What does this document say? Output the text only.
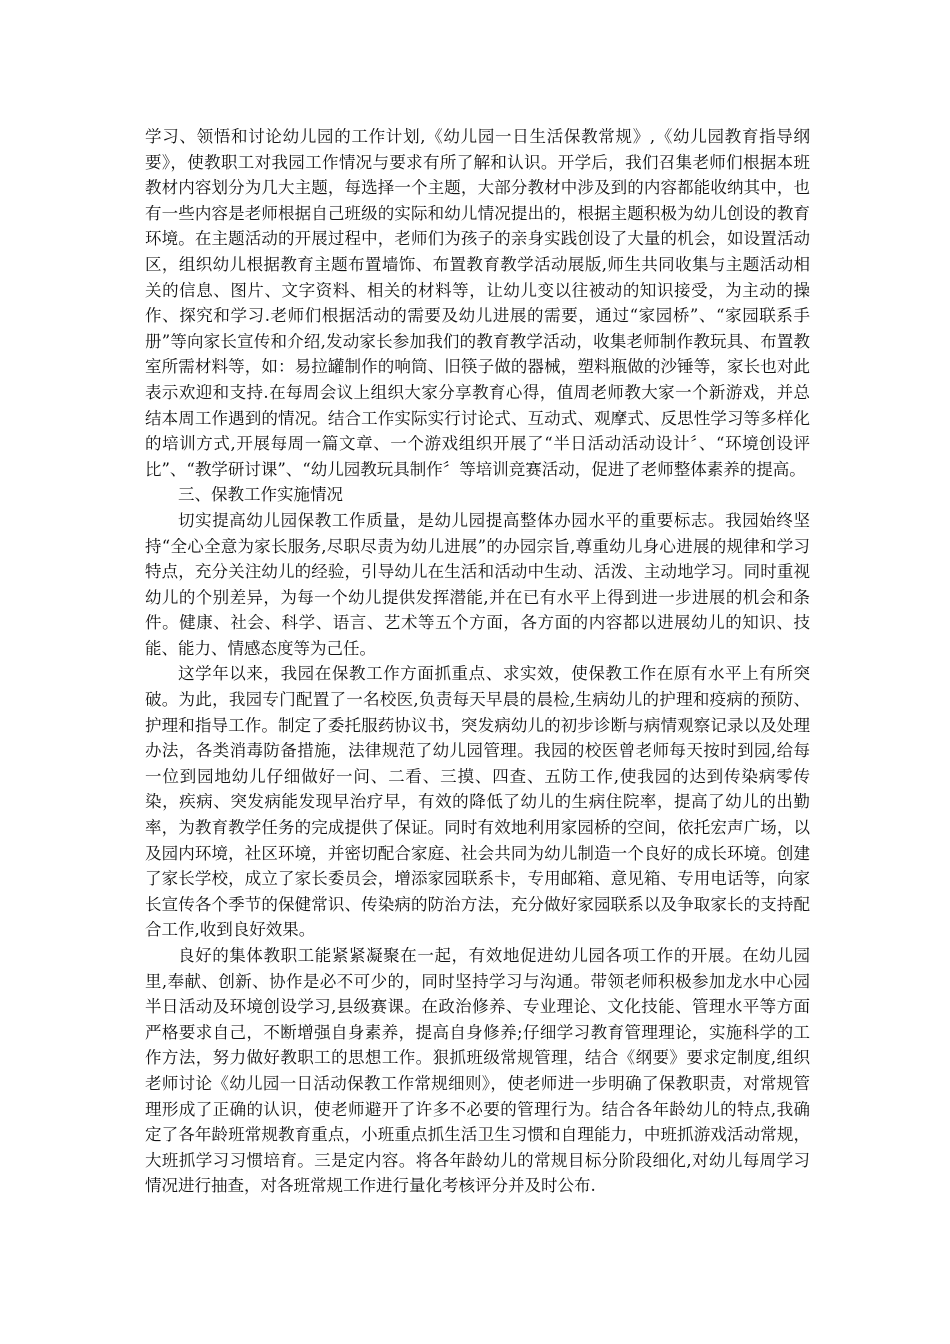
学习、领悟和讨论幼儿园的工作计划,《幼儿园一日生活保教常规》,《幼儿园教育指导纲要》，使教职工对我园工作情况与要求有所了解和认识。开学后，我们召集老师们根据本班教材内容划分为几大主题，每选择一个主题，大部分教材中涉及到的内容都能收纳其中，也有一些内容是老师根据自己班级的实际和幼儿情况提出的，根据主题积极为幼儿创设的教育环境。在主题活动的开展过程中，老师们为孩子的亲身实践创设了大量的机会，如设置活动区，组织幼儿根据教育主题布置墙饰、布置教育教学活动展版,师生共同收集与主题活动相关的信息、图片、文字资料、相关的材料等，让幼儿变以往被动的知识接受，为主动的操作、探究和学习.老师们根据活动的需要及幼儿进展的需要，通过“家园桥”、“家园联系手册”等向家长宣传和介绍,发动家长参加我们的教育教学活动，收集老师制作教玩具、布置教室所需材料等，如：易拉罐制作的响筒、旧筷子做的器械，塑料瓶做的沙锤等，家长也对此表示欢迎和支持.在每周会议上组织大家分享教育心得，值周老师教大家一个新游戏，并总结本周工作遇到的情况。结合工作实际实行讨论式、互动式、观摩式、反思性学习等多样化的培训方式,开展每周一篇文章、一个游戏组织开展了“半日活动活动设计〞、“环境创设评比”、“教学研讨课”、“幼儿园教玩具制作〞等培训竞赛活动，促进了老师整体素养的提高。

三、保教工作实施情况

切实提高幼儿园保教工作质量，是幼儿园提高整体办园水平的重要标志。我园始终坚持“全心全意为家长服务,尽职尽责为幼儿进展”的办园宗旨,尊重幼儿身心进展的规律和学习特点，充分关注幼儿的经验，引导幼儿在生活和活动中生动、活泼、主动地学习。同时重视幼儿的个别差异，为每一个幼儿提供发挥潜能,并在已有水平上得到进一步进展的机会和条件。健康、社会、科学、语言、艺术等五个方面，各方面的内容都以进展幼儿的知识、技能、能力、情感态度等为己任。

这学年以来，我园在保教工作方面抓重点、求实效，使保教工作在原有水平上有所突破。为此，我园专门配置了一名校医,负责每天早晨的晨检,生病幼儿的护理和疫病的预防、护理和指导工作。制定了委托服药协议书，突发病幼儿的初步诊断与病情观察记录以及处理办法，各类消毒防备措施，法律规范了幼儿园管理。我园的校医曾老师每天按时到园,给每一位到园地幼儿仔细做好一问、二看、三摸、四查、五防工作,使我园的达到传染病零传染，疾病、突发病能发现早治疗早，有效的降低了幼儿的生病住院率，提高了幼儿的出勤率，为教育教学任务的完成提供了保证。同时有效地利用家园桥的空间，依托宏声广场，以及园内环境，社区环境，并密切配合家庭、社会共同为幼儿制造一个良好的成长环境。创建了家长学校，成立了家长委员会，增添家园联系卡，专用邮箱、意见箱、专用电话等，向家长宣传各个季节的保健常识、传染病的防治方法，充分做好家园联系以及争取家长的支持配合工作,收到良好效果。

良好的集体教职工能紧紧凝聚在一起，有效地促进幼儿园各项工作的开展。在幼儿园里,奉献、创新、协作是必不可少的，同时坚持学习与沟通。带领老师积极参加龙水中心园半日活动及环境创设学习,县级赛课。在政治修养、专业理论、文化技能、管理水平等方面严格要求自己，不断增强自身素养，提高自身修养;仔细学习教育管理理论，实施科学的工作方法，努力做好教职工的思想工作。狠抓班级常规管理，结合《纲要》要求定制度,组织老师讨论《幼儿园一日活动保教工作常规细则》，使老师进一步明确了保教职责，对常规管理形成了正确的认识，使老师避开了许多不必要的管理行为。结合各年龄幼儿的特点,我确定了各年龄班常规教育重点，小班重点抓生活卫生习惯和自理能力，中班抓游戏活动常规，大班抓学习习惯培育。三是定内容。将各年龄幼儿的常规目标分阶段细化,对幼儿每周学习情况进行抽查，对各班常规工作进行量化考核评分并及时公布.
